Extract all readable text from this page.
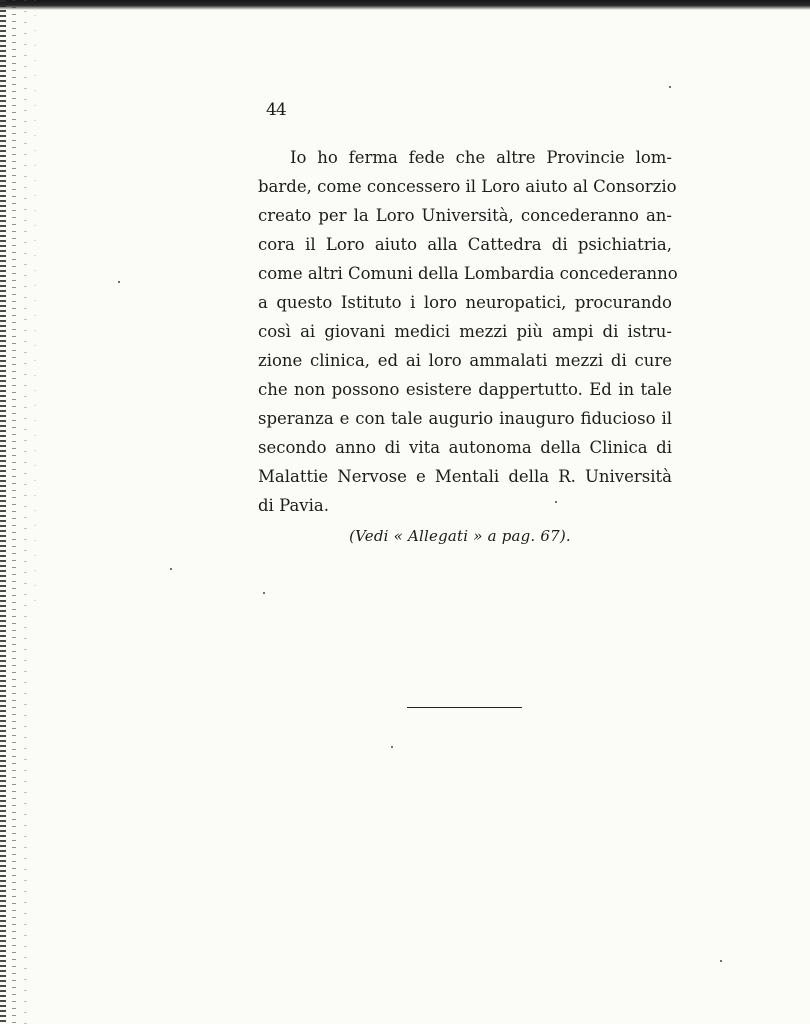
44
Io ho ferma fede che altre Provincie lom-
barde, come concessero il Loro aiuto al Consorzio
creato per la Loro Università, concederanno an-
cora il Loro aiuto alla Cattedra di psichiatria,
come altri Comuni della Lombardia concederanno
a questo Istituto i loro neuropatici, procurando
così ai giovani medici mezzi più ampi di istru-
zione clinica, ed ai loro ammalati mezzi di cure
che non possono esistere dappertutto. Ed in tale
speranza e con tale augurio inauguro fiducioso il
secondo anno di vita autonoma della Clinica di
Malattie Nervose e Mentali della R. Università
di Pavia.
(Vedi « Allegati » a pag. 67).
